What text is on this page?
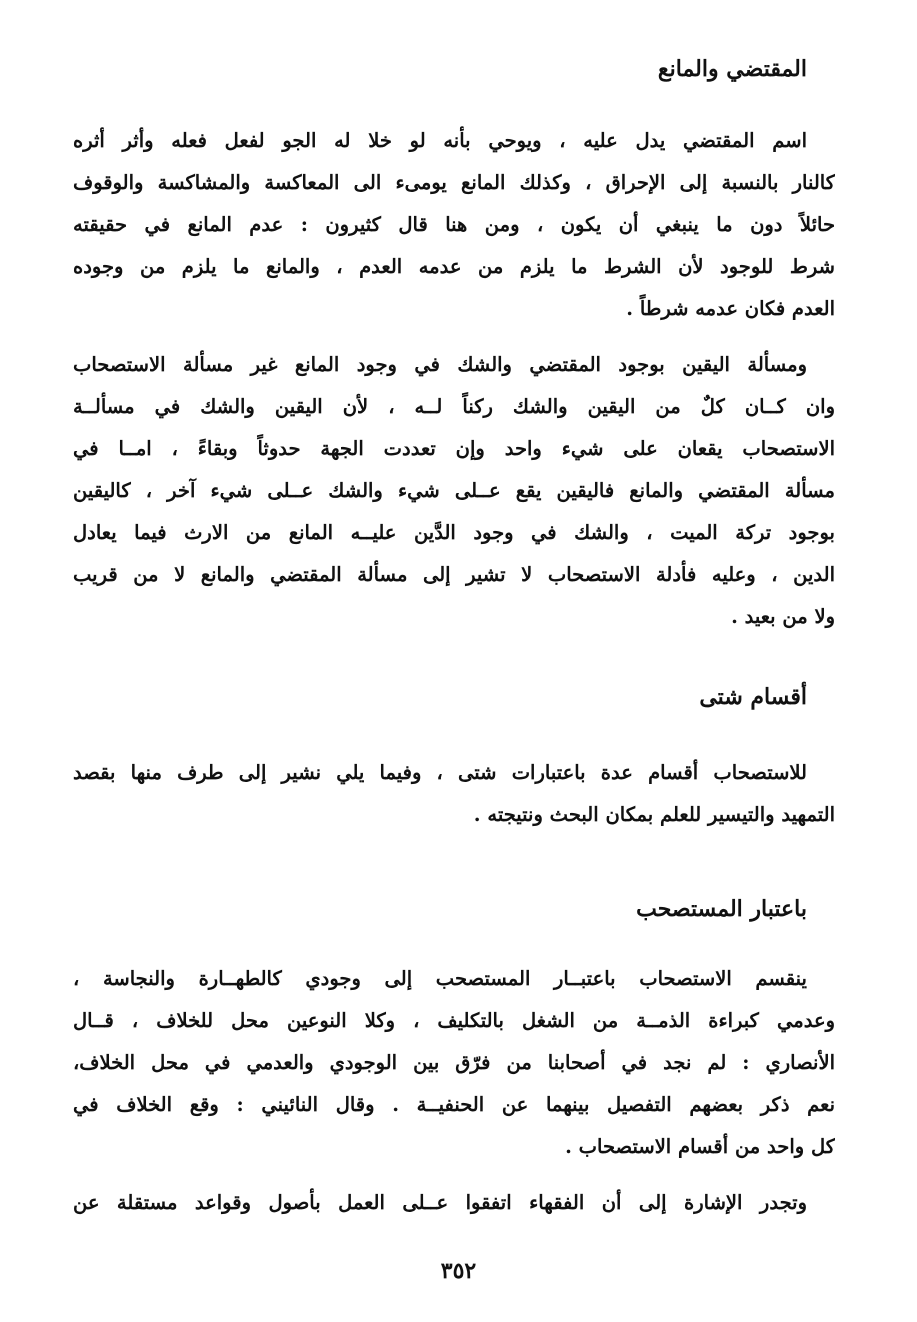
المقتضي والمانع
اسم المقتضي يدل عليه ، ويوحي بأنه لو خلا له الجو لفعل فعله وأثر أثره
كالنار بالنسبة إلى الإحراق ، وكذلك المانع يومىء الى المعاكسة والمشاكسة والوقوف
حائلاً دون ما ينبغي أن يكون ، ومن هنا قال كثيرون : عدم المانع في حقيقته
شرط للوجود لأن الشرط ما يلزم من عدمه العدم ، والمانع ما يلزم من وجوده
العدم فكان عدمه شرطاً .
ومسألة اليقين بوجود المقتضي والشك في وجود المانع غير مسألة الاستصحاب
وان كــان كلٌ من اليقين والشك ركناً لــه ، لأن اليقين والشك في مسألــة
الاستصحاب يقعان على شيء واحد وإن تعددت الجهة حدوثاً وبقاءً ، امــا في
مسألة المقتضي والمانع فاليقين يقع عــلى شيء والشك عــلى شيء آخر ، كاليقين
بوجود تركة الميت ، والشك في وجود الدَّين عليــه المانع من الارث فيما يعادل
الدين ، وعليه فأدلة الاستصحاب لا تشير إلى مسألة المقتضي والمانع لا من قريب
ولا من بعيد .
أقسام شتى
للاستصحاب أقسام عدة باعتبارات شتى ، وفيما يلي نشير إلى طرف منها بقصد
التمهيد والتيسير للعلم بمكان البحث ونتيجته .
باعتبار المستصحب
ينقسم الاستصحاب باعتبــار المستصحب إلى وجودي كالطهــارة والنجاسة ،
وعدمي كبراءة الذمــة من الشغل بالتكليف ، وكلا النوعين محل للخلاف ، قــال
الأنصاري : لم نجد في أصحابنا من فرّق بين الوجودي والعدمي في محل الخلاف،
نعم ذكر بعضهم التفصيل بينهما عن الحنفيــة . وقال النائيني : وقع الخلاف في
كل واحد من أقسام الاستصحاب .
وتجدر الإشارة إلى أن الفقهاء اتفقوا عــلى العمل بأصول وقواعد مستقلة عن
٣٥٢
